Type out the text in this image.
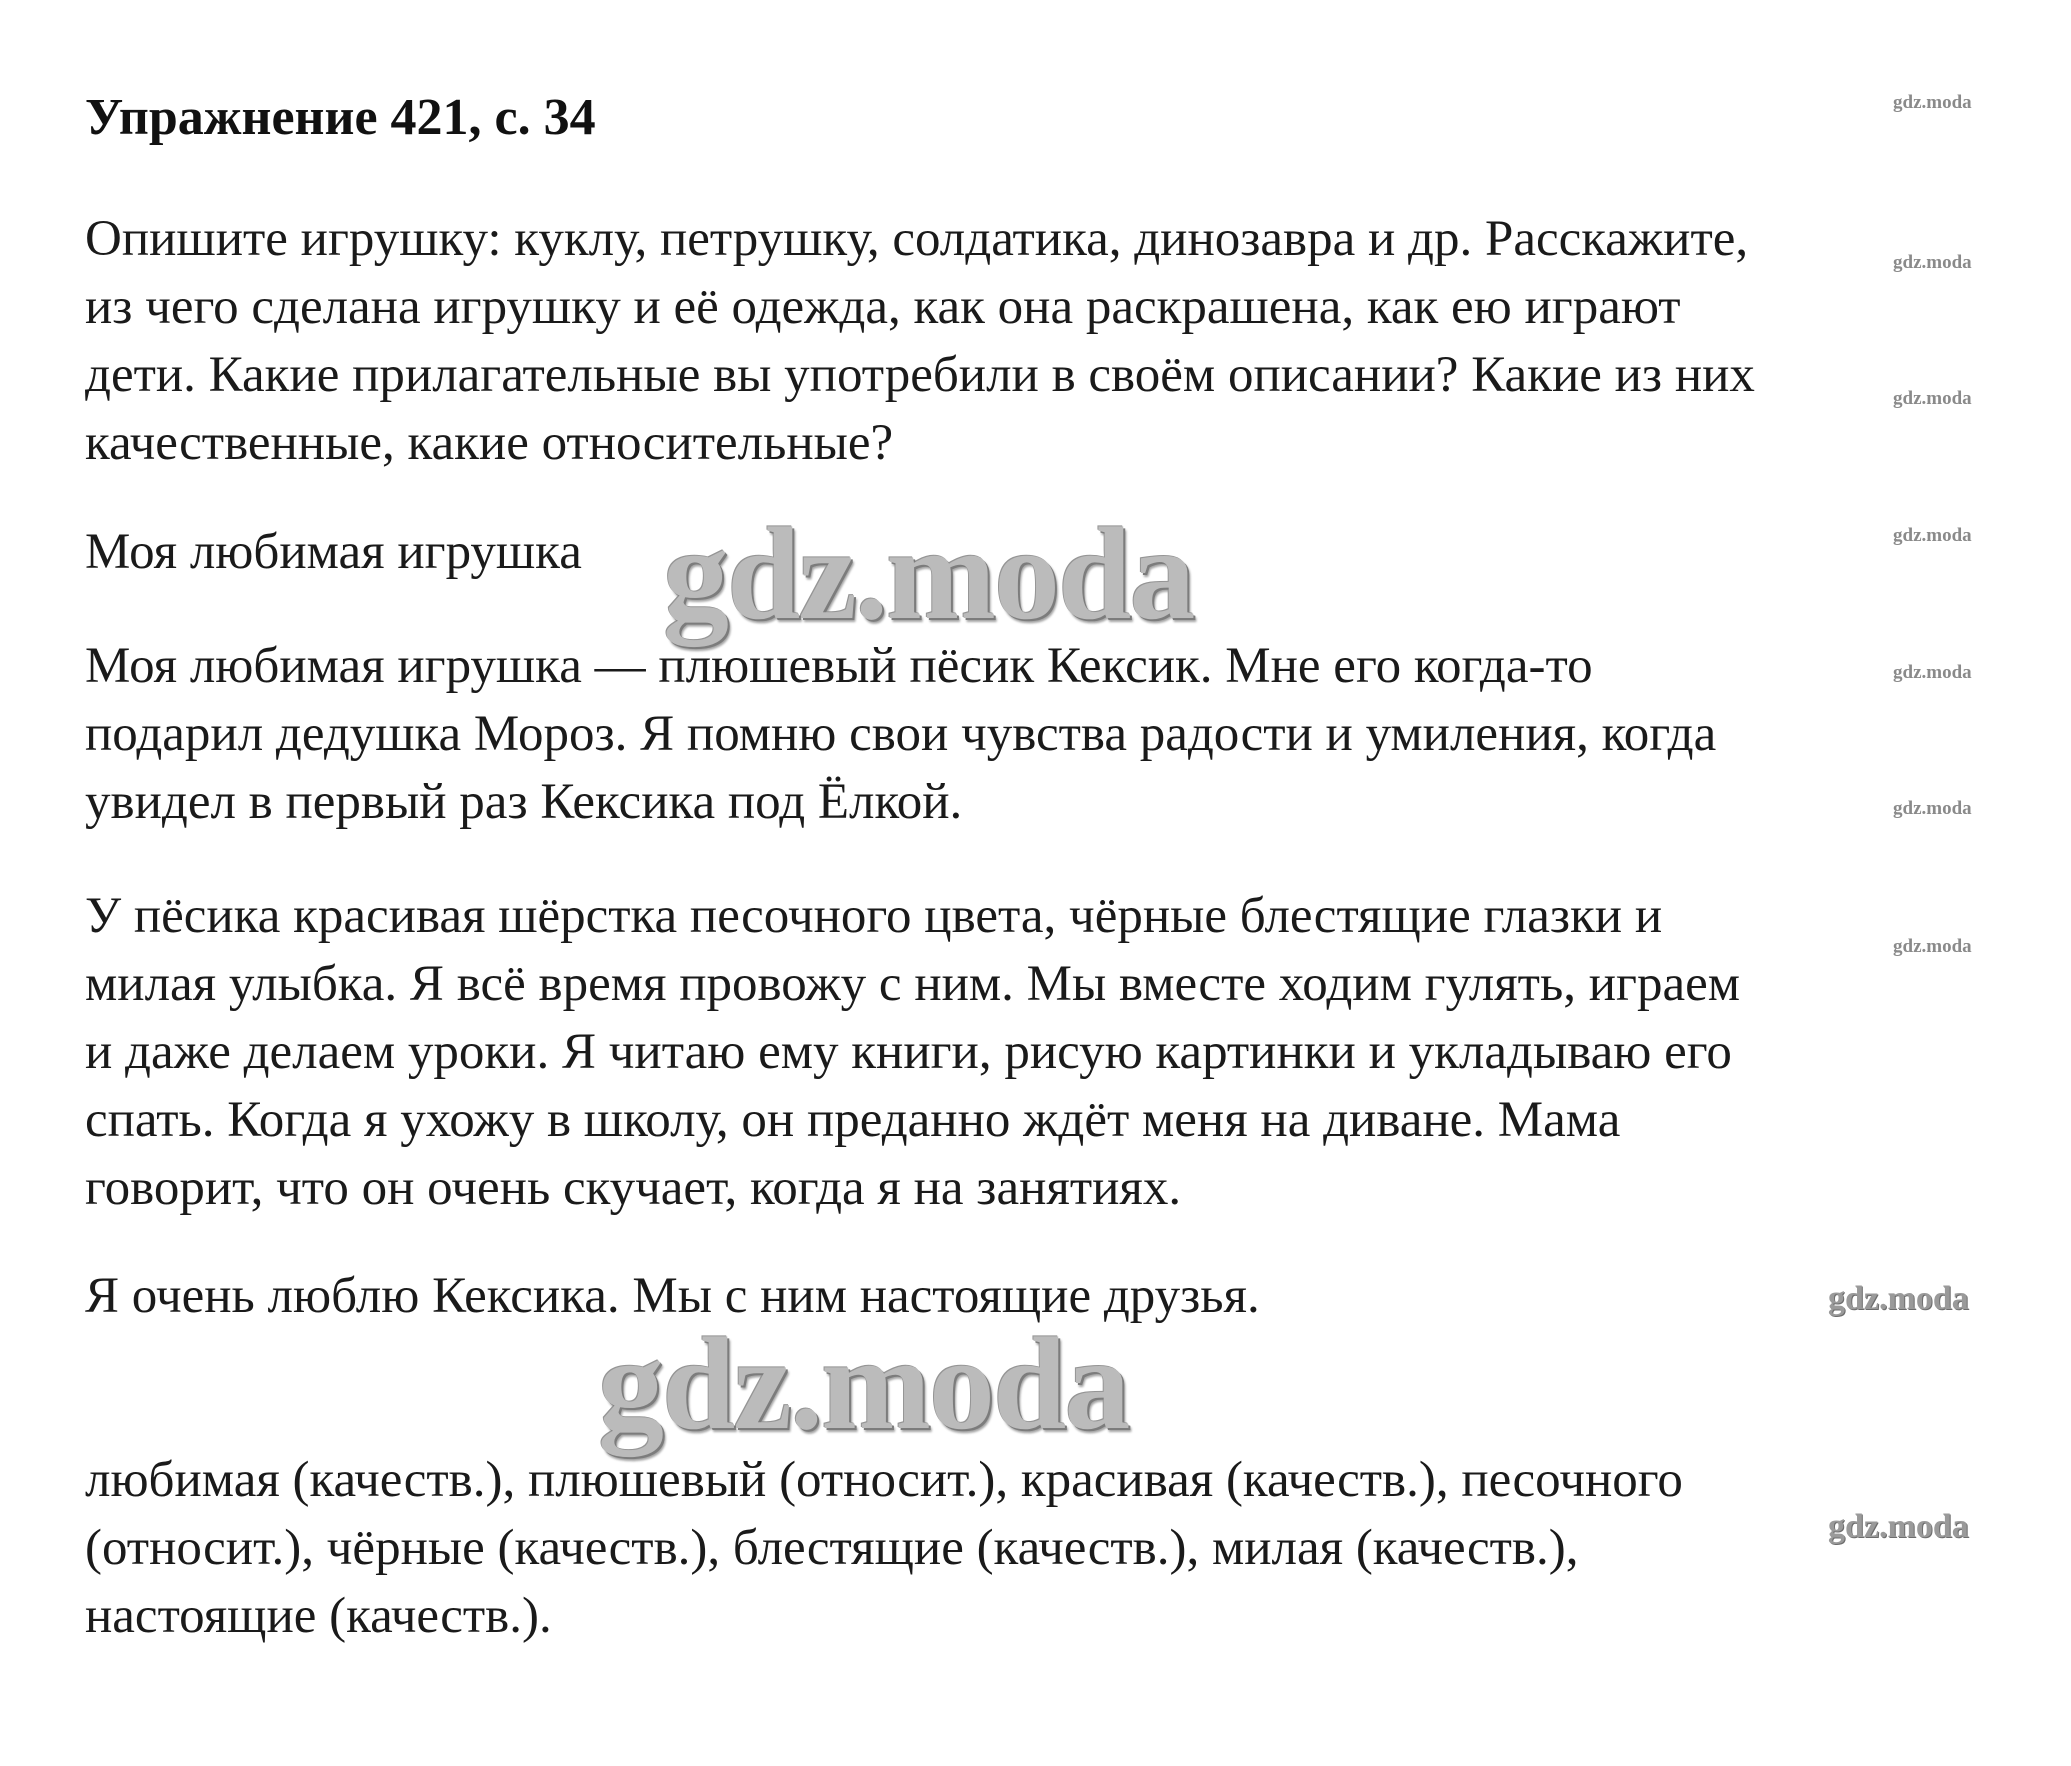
Упражнение 421, с. 34

Опишите игрушку: куклу, петрушку, солдатика, динозавра и др. Расскажите,
из чего сделана игрушку и её одежда, как она раскрашена, как ею играют
дети. Какие прилагательные вы употребили в своём описании? Какие из них
качественные, какие относительные?

Моя любимая игрушка

Моя любимая игрушка — плюшевый пёсик Кексик. Мне его когда-то
подарил дедушка Мороз. Я помню свои чувства радости и умиления, когда
увидел в первый раз Кексика под Ёлкой.

У пёсика красивая шёрстка песочного цвета, чёрные блестящие глазки и
милая улыбка. Я всё время провожу с ним. Мы вместе ходим гулять, играем
и даже делаем уроки. Я читаю ему книги, рисую картинки и укладываю его
спать. Когда я ухожу в школу, он преданно ждёт меня на диване. Мама
говорит, что он очень скучает, когда я на занятиях.

Я очень люблю Кексика. Мы с ним настоящие друзья.

любимая (качеств.), плюшевый (относит.), красивая (качеств.), песочного
(относит.), чёрные (качеств.), блестящие (качеств.), милая (качеств.),
настоящие (качеств.).

gdz.moda
gdz.moda
gdz.moda
gdz.moda
gdz.moda
gdz.moda
gdz.moda
gdz.moda
gdz.moda
gdz.moda
gdz.moda
